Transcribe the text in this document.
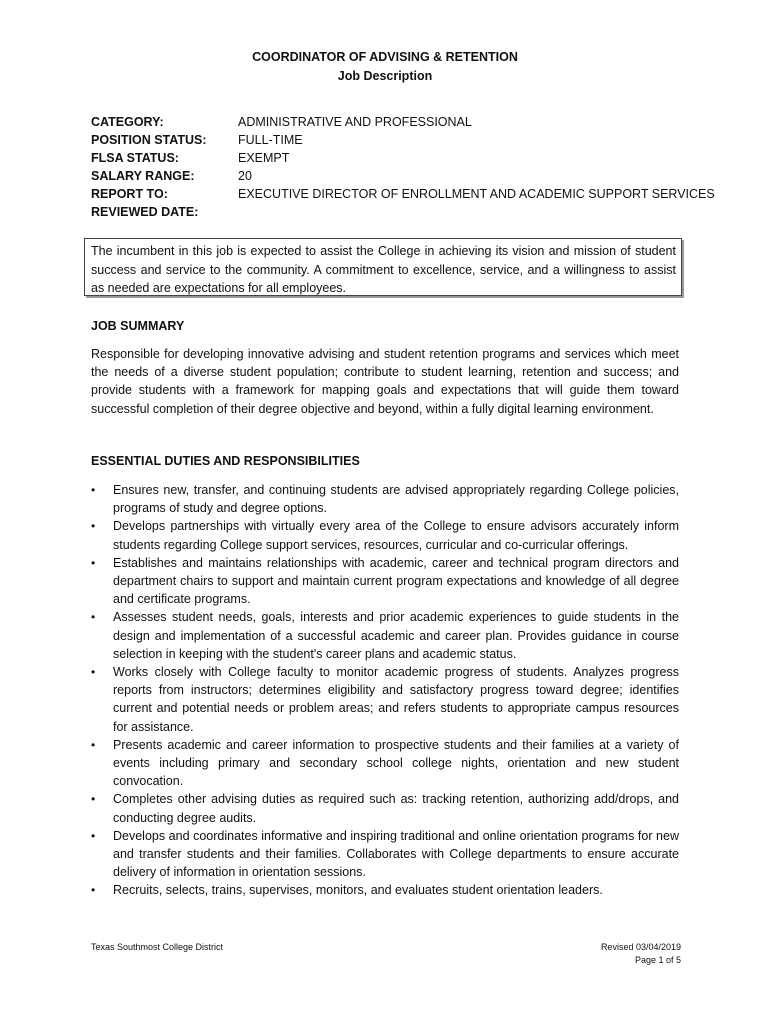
COORDINATOR OF ADVISING & RETENTION
Job Description
CATEGORY:	ADMINISTRATIVE AND PROFESSIONAL
POSITION STATUS:	FULL-TIME
FLSA STATUS:	EXEMPT
SALARY RANGE:	20
REPORT TO:	EXECUTIVE DIRECTOR OF ENROLLMENT AND ACADEMIC SUPPORT SERVICES
REVIEWED DATE:
The incumbent in this job is expected to assist the College in achieving its vision and mission of student success and service to the community. A commitment to excellence, service, and a willingness to assist as needed are expectations for all employees.
JOB SUMMARY
Responsible for developing innovative advising and student retention programs and services which meet the needs of a diverse student population; contribute to student learning, retention and success; and provide students with a framework for mapping goals and expectations that will guide them toward successful completion of their degree objective and beyond, within a fully digital learning environment.
ESSENTIAL DUTIES AND RESPONSIBILITIES
•	Ensures new, transfer, and continuing students are advised appropriately regarding College policies, programs of study and degree options.
•	Develops partnerships with virtually every area of the College to ensure advisors accurately inform students regarding College support services, resources, curricular and co-curricular offerings.
•	Establishes and maintains relationships with academic, career and technical program directors and department chairs to support and maintain current program expectations and knowledge of all degree and certificate programs.
•	Assesses student needs, goals, interests and prior academic experiences to guide students in the design and implementation of a successful academic and career plan. Provides guidance in course selection in keeping with the student's career plans and academic status.
•	Works closely with College faculty to monitor academic progress of students. Analyzes progress reports from instructors; determines eligibility and satisfactory progress toward degree; identifies current and potential needs or problem areas; and refers students to appropriate campus resources for assistance.
•	Presents academic and career information to prospective students and their families at a variety of events including primary and secondary school college nights, orientation and new student convocation.
•	Completes other advising duties as required such as: tracking retention, authorizing add/drops, and conducting degree audits.
•	Develops and coordinates informative and inspiring traditional and online orientation programs for new and transfer students and their families. Collaborates with College departments to ensure accurate delivery of information in orientation sessions.
•	Recruits, selects, trains, supervises, monitors, and evaluates student orientation leaders.
Texas Southmost College District	Revised 03/04/2019
Page 1 of 5
